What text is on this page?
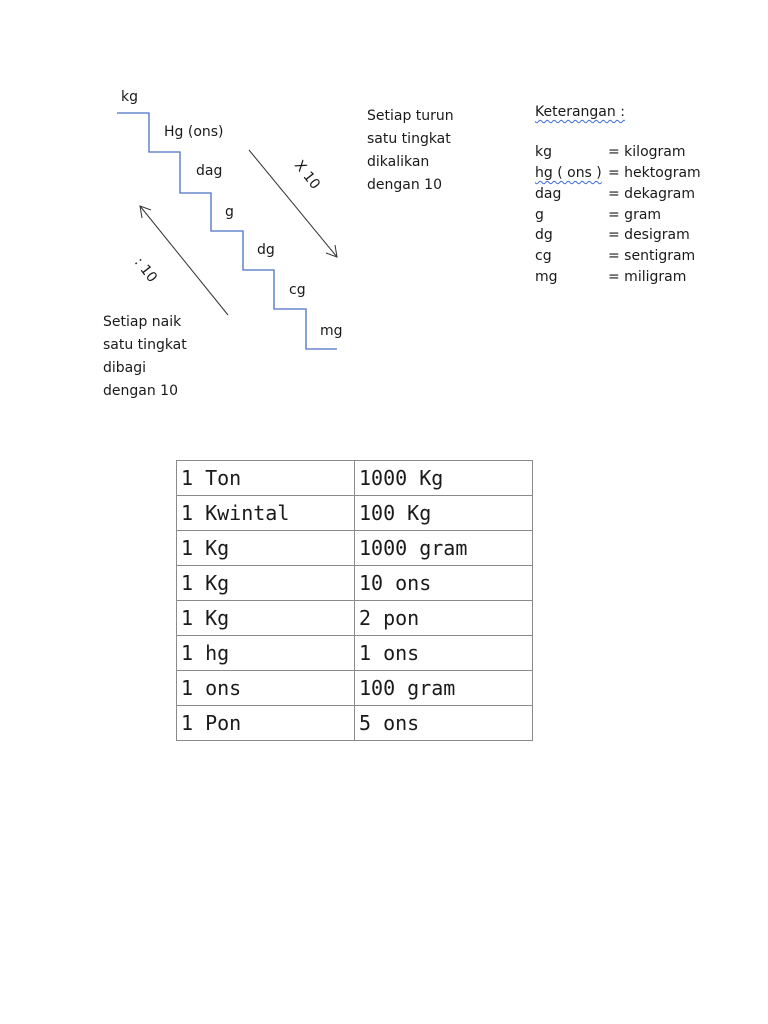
X 10
: 10
kg
Hg (ons)
dag
g
dg
cg
mg
Setiap turun
satu tingkat
dikalikan
dengan 10
Setiap naik
satu tingkat
dibagi
dengan 10
Keterangan :
kg	= kilogram
hg ( ons ) = hektogram
dag	= dekagram
g	= gram
dg	= desigram
cg	= sentigram
mg	= miligram
1 Ton	1000 Kg
1 Kwintal	100 Kg
1 Kg	1000 gram
1 Kg	10 ons
1 Kg	2 pon
1 hg	1 ons
1 ons	100 gram
1 Pon	5 ons
